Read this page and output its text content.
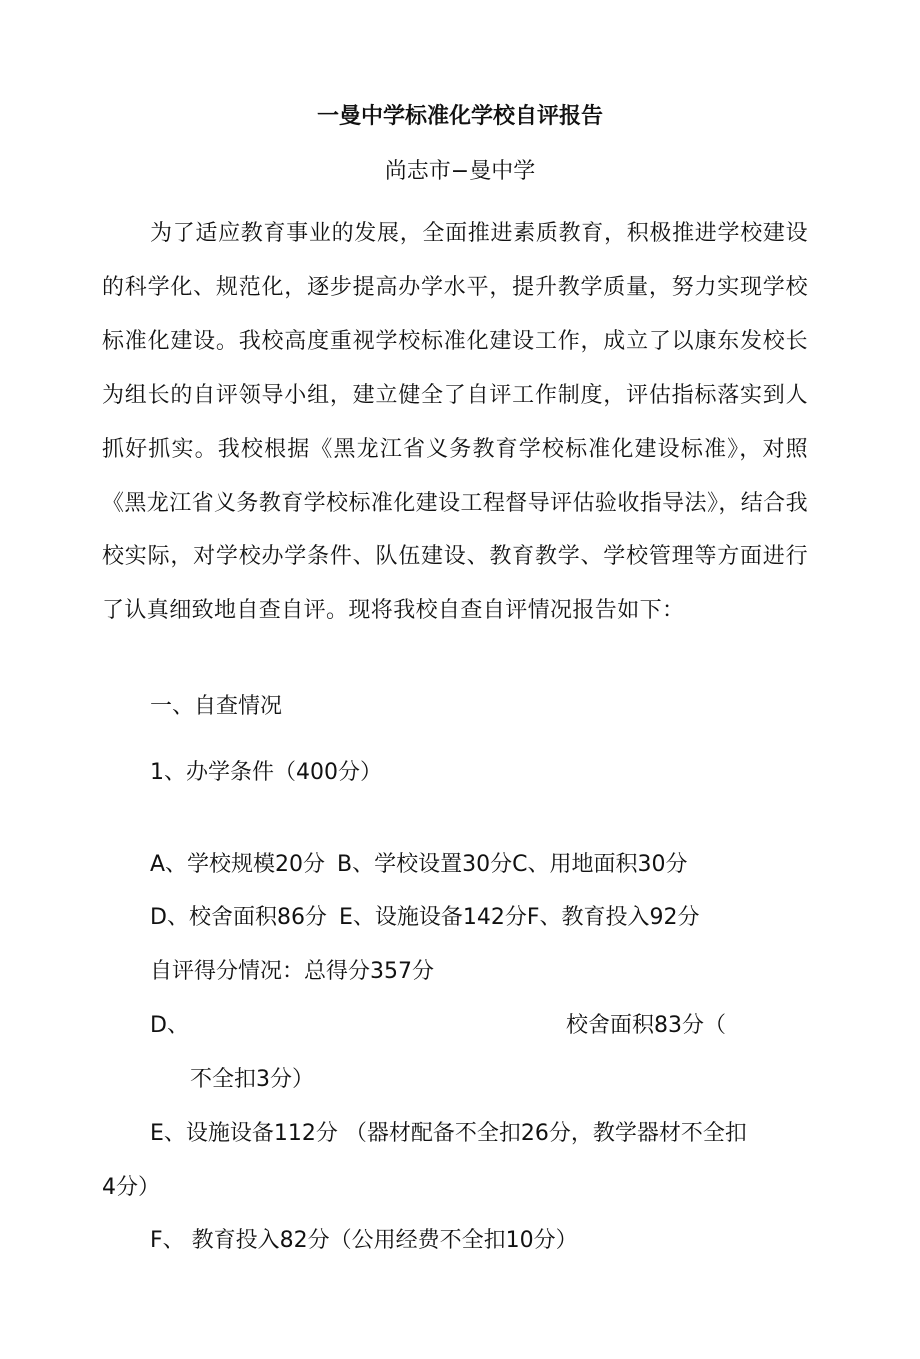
一曼中学标准化学校自评报告
尚志市−曼中学

为了适应教育事业的发展，全面推进素质教育，积极推进学校建设的科学化、规范化，逐步提高办学水平，提升教学质量，努力实现学校标准化建设。我校高度重视学校标准化建设工作，成立了以康东发校长为组长的自评领导小组，建立健全了自评工作制度，评估指标落实到人抓好抓实。我校根据《黑龙江省义务教育学校标准化建设标准》，对照《黑龙江省义务教育学校标准化建设工程督导评估验收指导法》，结合我校实际，对学校办学条件、队伍建设、教育教学、学校管理等方面进行了认真细致地自查自评。现将我校自查自评情况报告如下：

一、自查情况
1、办学条件（400分）
A、学校规模20分 B、学校设置30分C、用地面积30分
D、校舍面积86分 E、设施设备142分F、教育投入92分
自评得分情况：总得分357分
D、	校舍面积83分（
不全扣3分）
E、设施设备112分 （器材配备不全扣26分，教学器材不全扣
4分）
F、 教育投入82分（公用经费不全扣10分）
